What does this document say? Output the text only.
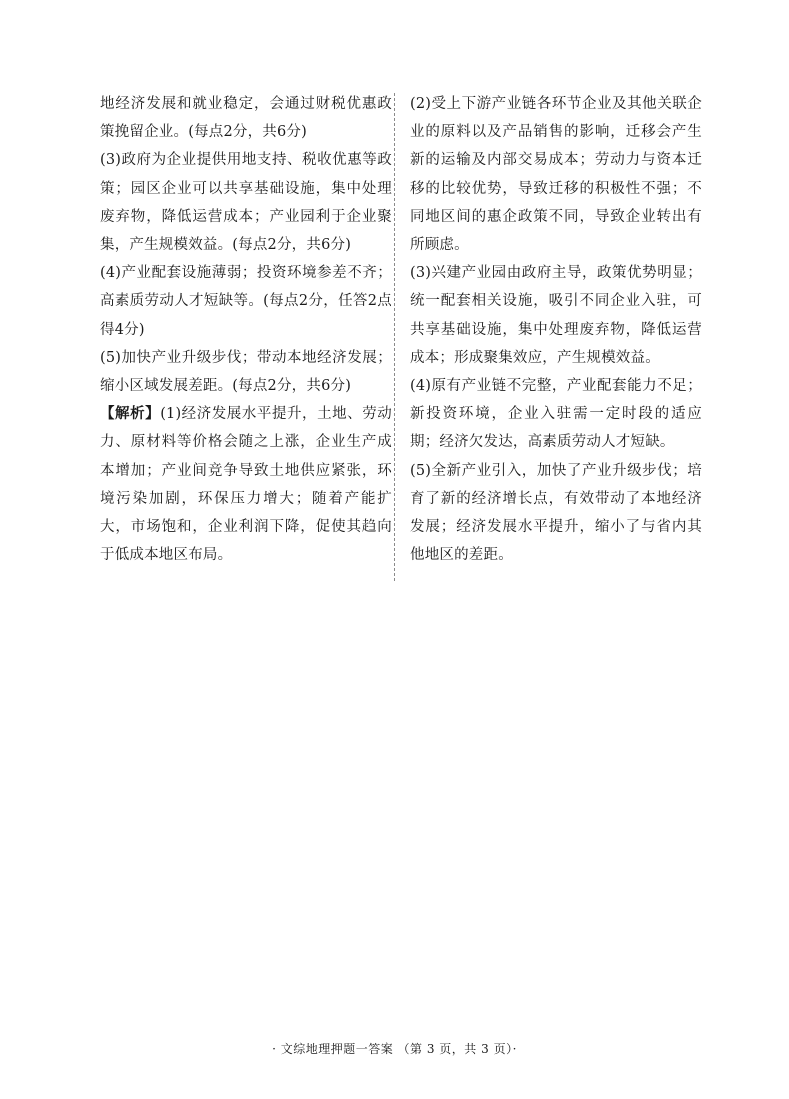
地经济发展和就业稳定，会通过财税优惠政策挽留企业。(每点2分，共6分)

(3)政府为企业提供用地支持、税收优惠等政策；园区企业可以共享基础设施，集中处理废弃物，降低运营成本；产业园利于企业聚集，产生规模效益。(每点2分，共6分)

(4)产业配套设施薄弱；投资环境参差不齐；高素质劳动人才短缺等。(每点2分，任答2点得4分)

(5)加快产业升级步伐；带动本地经济发展；缩小区域发展差距。(每点2分，共6分)

【解析】(1)经济发展水平提升，土地、劳动力、原材料等价格会随之上涨，企业生产成本增加；产业间竞争导致土地供应紧张，环境污染加剧，环保压力增大；随着产能扩大，市场饱和，企业利润下降，促使其趋向于低成本地区布局。

(2)受上下游产业链各环节企业及其他关联企业的原料以及产品销售的影响，迁移会产生新的运输及内部交易成本；劳动力与资本迁移的比较优势，导致迁移的积极性不强；不同地区间的惠企政策不同，导致企业转出有所顾虑。

(3)兴建产业园由政府主导，政策优势明显；统一配套相关设施，吸引不同企业入驻，可共享基础设施，集中处理废弃物，降低运营成本；形成聚集效应，产生规模效益。

(4)原有产业链不完整，产业配套能力不足；新投资环境，企业入驻需一定时段的适应期；经济欠发达，高素质劳动人才短缺。

(5)全新产业引入，加快了产业升级步伐；培育了新的经济增长点，有效带动了本地经济发展；经济发展水平提升，缩小了与省内其他地区的差距。

· 文综地理押题一答案 （第 3 页，共 3 页）·
